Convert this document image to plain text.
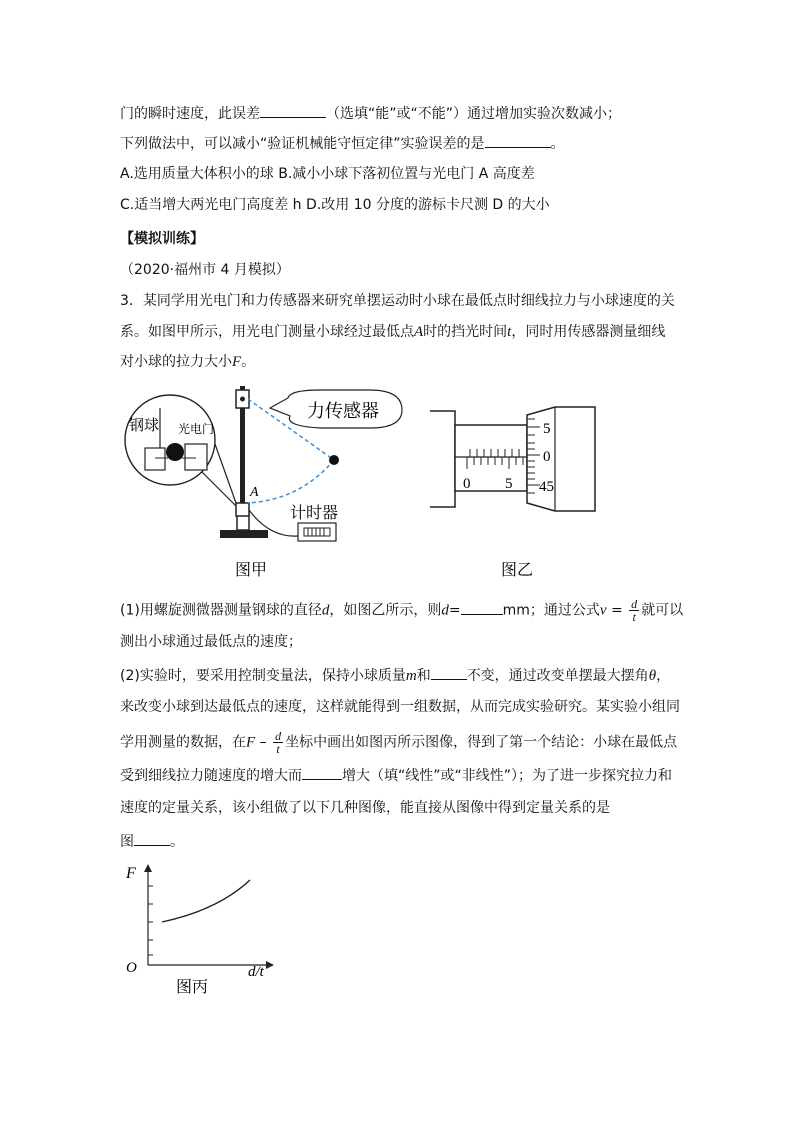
门的瞬时速度，此误差	（选填“能”或“不能”）通过增加实验次数减小；
下列做法中，可以减小“验证机械能守恒定律”实验误差的是	。
A.选用质量大体积小的球 B.减小小球下落初位置与光电门 A 高度差
C.适当增大两光电门高度差 h D.改用 10 分度的游标卡尺测 D 的大小
【模拟训练】
（2020·福州市 4 月模拟）
3．某同学用光电门和力传感器来研究单摆运动时小球在最低点时细线拉力与小球速度的关
系。如图甲所示，用光电门测量小球经过最低点A时的挡光时间t，同时用传感器测量细线
对小球的拉力大小F。
力传感器
钢球 光电门
A
计时器
图甲
0 5
5
0
45
图乙
(1)用螺旋测微器测量钢球的直径d，如图乙所示，则d=	mm；通过公式$v = \frac{d}{t}$ 就可以
测出小球通过最低点的速度；
(2)实验时，要采用控制变量法，保持小球质量m和	不变，通过改变单摆最大摆角θ，
来改变小球到达最低点的速度，这样就能得到一组数据，从而完成实验研究。某实验小组同
学用测量的数据，在F – $\frac{d}{t}$ 坐标中画出如图丙所示图像，得到了第一个结论：小球在最低点
受到细线拉力随速度的增大而	增大（填“线性”或“非线性”）；为了进一步探究拉力和
速度的定量关系，该小组做了以下几种图像，能直接从图像中得到定量关系的是
图	。
F
O	d/t
图丙
